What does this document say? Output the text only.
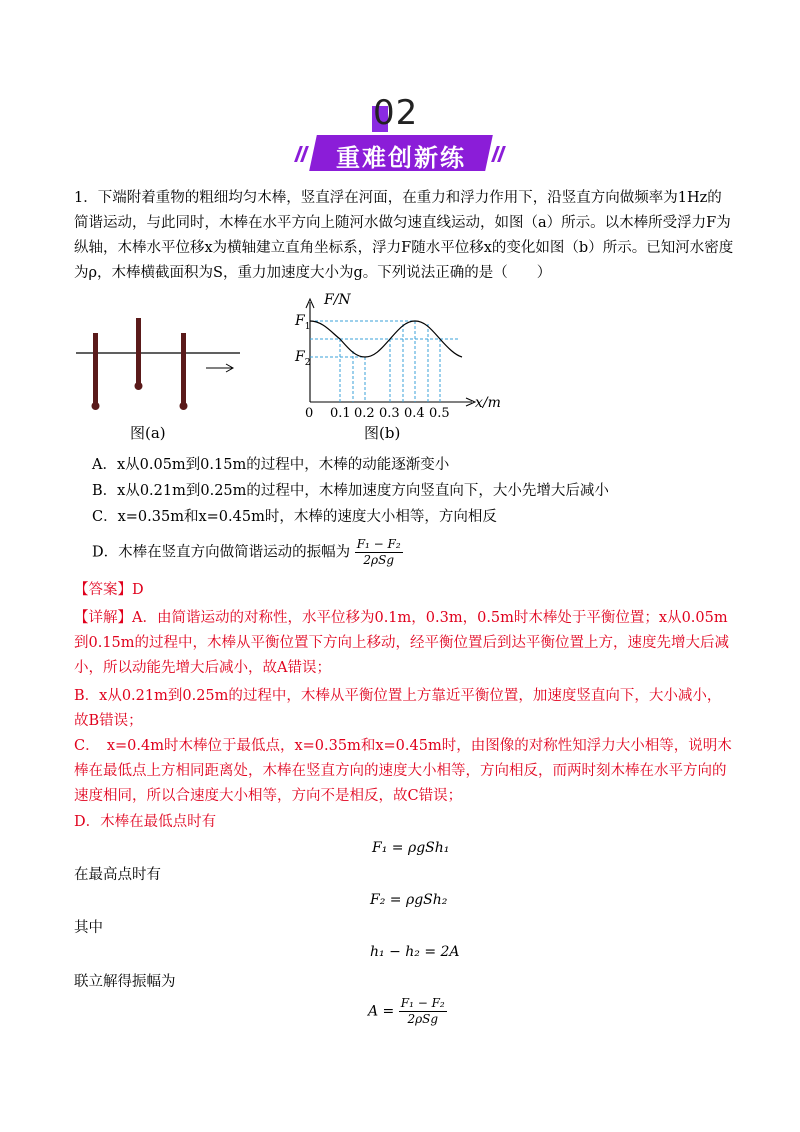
02
重难创新练
1．下端附着重物的粗细均匀木棒，竖直浮在河面，在重力和浮力作用下，沿竖直方向做频率为1Hz的简谐运动，与此同时，木棒在水平方向上随河水做匀速直线运动，如图（a）所示。以木棒所受浮力F为纵轴，木棒水平位移x为横轴建立直角坐标系，浮力F随水平位移x的变化如图（b）所示。已知河水密度为ρ，木棒横截面积为S，重力加速度大小为g。下列说法正确的是（　　）
图(a)
F/N
$F_1$
$F_2$
x/m
0 0.1 0.2 0.3 0.4 0.5
图(b)
A．x从0.05m到0.15m的过程中，木棒的动能逐渐变小
B．x从0.21m到0.25m的过程中，木棒加速度方向竖直向下，大小先增大后减小
C．x=0.35m和x=0.45m时，木棒的速度大小相等，方向相反
D．木棒在竖直方向做简谐运动的振幅为 $\frac{\text{F₁ − F₂}}{\text{2ρSg}}$
【答案】D
【详解】A．由简谐运动的对称性，水平位移为0.1m，0.3m，0.5m时木棒处于平衡位置；x从0.05m到0.15m的过程中，木棒从平衡位置下方向上移动，经平衡位置后到达平衡位置上方，速度先增大后减小，所以动能先增大后减小，故A错误；
B．x从0.21m到0.25m的过程中，木棒从平衡位置上方靠近平衡位置，加速度竖直向下，大小减小，故B错误；
C．　x=0.4m时木棒位于最低点，x=0.35m和x=0.45m时，由图像的对称性知浮力大小相等，说明木棒在最低点上方相同距离处，木棒在竖直方向的速度大小相等，方向相反，而两时刻木棒在水平方向的速度相同，所以合速度大小相等，方向不是相反，故C错误；
D．木棒在最低点时有
F₁ = ρgSh₁
在最高点时有
F₂ = ρgSh₂
其中
h₁ − h₂ = 2A
联立解得振幅为
$A = \frac{\text{F₁ − F₂}}{\text{2ρSg}}$
